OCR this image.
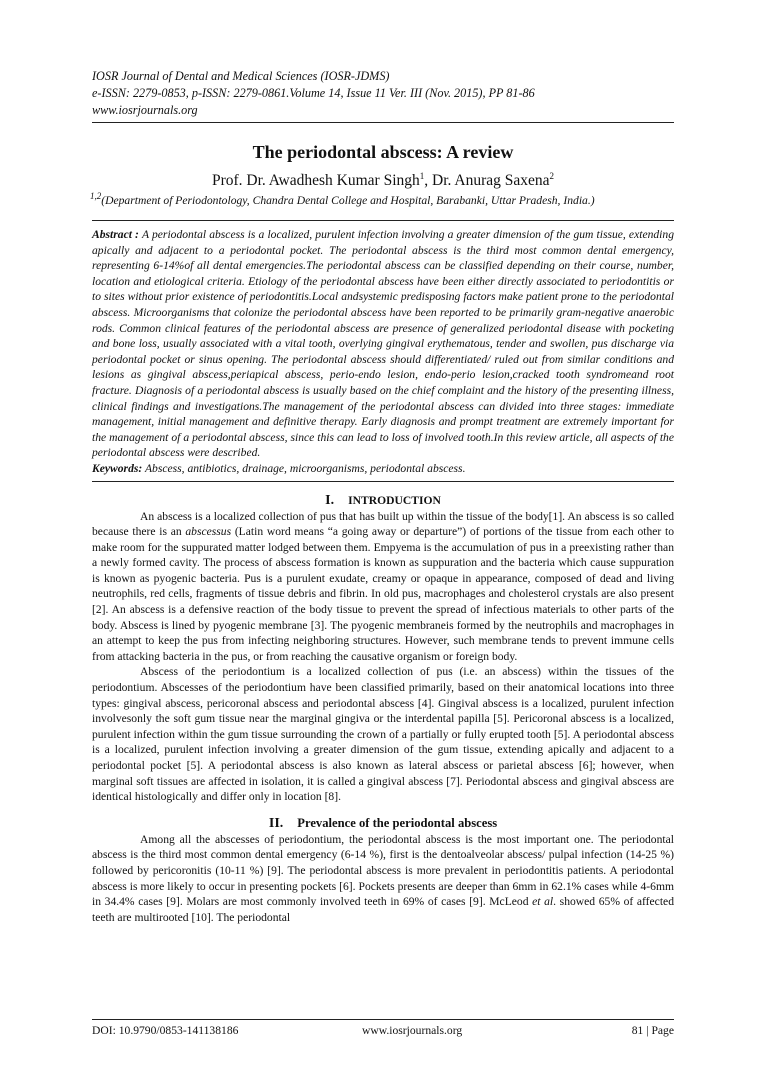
IOSR Journal of Dental and Medical Sciences (IOSR-JDMS)
e-ISSN: 2279-0853, p-ISSN: 2279-0861.Volume 14, Issue 11 Ver. III (Nov. 2015), PP 81-86
www.iosrjournals.org
The periodontal abscess: A review
Prof. Dr. Awadhesh Kumar Singh$^1$, Dr. Anurag Saxena$^2$
$^{1,2}$(Department of Periodontology, Chandra Dental College and Hospital, Barabanki, Uttar Pradesh, India.)
Abstract : A periodontal abscess is a localized, purulent infection involving a greater dimension of the gum tissue, extending apically and adjacent to a periodontal pocket. The periodontal abscess is the third most common dental emergency, representing 6-14%of all dental emergencies.The periodontal abscess can be classified depending on their course, number, location and etiological criteria. Etiology of the periodontal abscess have been either directly associated to periodontitis or to sites without prior existence of periodontitis.Local andsystemic predisposing factors make patient prone to the periodontal abscess. Microorganisms that colonize the periodontal abscess have been reported to be primarily gram-negative anaerobic rods. Common clinical features of the periodontal abscess are presence of generalized periodontal disease with pocketing and bone loss, usually associated with a vital tooth, overlying gingival erythematous, tender and swollen, pus discharge via periodontal pocket or sinus opening. The periodontal abscess should differentiated/ ruled out from similar conditions and lesions as gingival abscess,periapical abscess, perio-endo lesion, endo-perio lesion,cracked tooth syndromeand root fracture. Diagnosis of a periodontal abscess is usually based on the chief complaint and the history of the presenting illness, clinical findings and investigations.The management of the periodontal abscess can divided into three stages: immediate management, initial management and definitive therapy. Early diagnosis and prompt treatment are extremely important for the management of a periodontal abscess, since this can lead to loss of involved tooth.In this review article, all aspects of the periodontal abscess were described.
Keywords: Abscess, antibiotics, drainage, microorganisms, periodontal abscess.
I. INTRODUCTION

An abscess is a localized collection of pus that has built up within the tissue of the body[1]. An abscess is so called because there is an abscessus (Latin word means “a going away or departure”) of portions of the tissue from each other to make room for the suppurated matter lodged between them. Empyema is the accumulation of pus in a preexisting rather than a newly formed cavity. The process of abscess formation is known as suppuration and the bacteria which cause suppuration is known as pyogenic bacteria. Pus is a purulent exudate, creamy or opaque in appearance, composed of dead and living neutrophils, red cells, fragments of tissue debris and fibrin. In old pus, macrophages and cholesterol crystals are also present [2]. An abscess is a defensive reaction of the body tissue to prevent the spread of infectious materials to other parts of the body. Abscess is lined by pyogenic membrane [3]. The pyogenic membraneis formed by the neutrophils and macrophages in an attempt to keep the pus from infecting neighboring structures. However, such membrane tends to prevent immune cells from attacking bacteria in the pus, or from reaching the causative organism or foreign body.

Abscess of the periodontium is a localized collection of pus (i.e. an abscess) within the tissues of the periodontium. Abscesses of the periodontium have been classified primarily, based on their anatomical locations into three types: gingival abscess, pericoronal abscess and periodontal abscess [4]. Gingival abscess is a localized, purulent infection involvesonly the soft gum tissue near the marginal gingiva or the interdental papilla [5]. Pericoronal abscess is a localized, purulent infection within the gum tissue surrounding the crown of a partially or fully erupted tooth [5]. A periodontal abscess is a localized, purulent infection involving a greater dimension of the gum tissue, extending apically and adjacent to a periodontal pocket [5]. A periodontal abscess is also known as lateral abscess or parietal abscess [6]; however, when marginal soft tissues are affected in isolation, it is called a gingival abscess [7]. Periodontal abscess and gingival abscess are identical histologically and differ only in location [8].

II. Prevalence of the periodontal abscess

Among all the abscesses of periodontium, the periodontal abscess is the most important one. The periodontal abscess is the third most common dental emergency (6-14 %), first is the dentoalveolar abscess/ pulpal infection (14-25 %) followed by pericoronitis (10-11 %) [9]. The periodontal abscess is more prevalent in periodontitis patients. A periodontal abscess is more likely to occur in presenting pockets [6]. Pockets presents are deeper than 6mm in 62.1% cases while 4-6mm in 34.4% cases [9]. Molars are most commonly involved teeth in 69% of cases [9]. McLeod et al. showed 65% of affected teeth are multirooted [10]. The periodontal

DOI: 10.9790/0853-141138186	www.iosrjournals.org	81 | Page
